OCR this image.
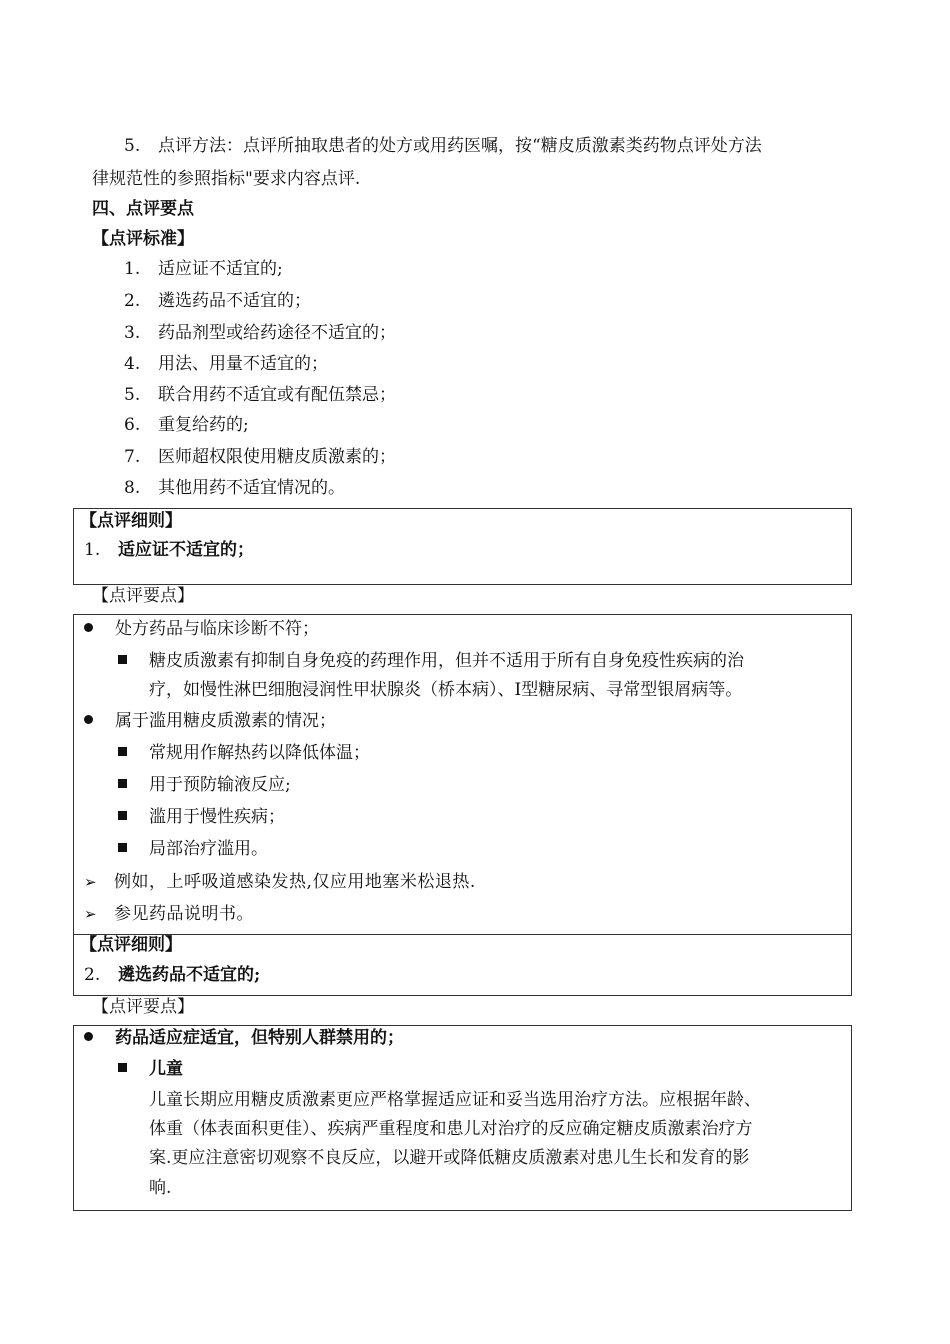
5. 点评方法：点评所抽取患者的处方或用药医嘱，按“糖皮质激素类药物点评处方法
律规范性的参照指标"要求内容点评.
四、点评要点
【点评标准】
1. 适应证不适宜的;
2. 遴选药品不适宜的；
3. 药品剂型或给药途径不适宜的；
4. 用法、用量不适宜的；
5. 联合用药不适宜或有配伍禁忌；
6. 重复给药的;
7. 医师超权限使用糖皮质激素的；
8. 其他用药不适宜情况的。
【点评细则】
1. 适应证不适宜的；
【点评要点】
处方药品与临床诊断不符；
糖皮质激素有抑制自身免疫的药理作用，但并不适用于所有自身免疫性疾病的治
疗，如慢性淋巴细胞浸润性甲状腺炎（桥本病）、I型糖尿病、寻常型银屑病等。
属于滥用糖皮质激素的情况；
常规用作解热药以降低体温；
用于预防输液反应;
滥用于慢性疾病；
局部治疗滥用。
➢ 例如，上呼吸道感染发热,仅应用地塞米松退热.
➢ 参见药品说明书。
【点评细则】
2. 遴选药品不适宜的;
【点评要点】
药品适应症适宜，但特别人群禁用的；
儿童
儿童长期应用糖皮质激素更应严格掌握适应证和妥当选用治疗方法。应根据年龄、
体重（体表面积更佳）、疾病严重程度和患儿对治疗的反应确定糖皮质激素治疗方
案.更应注意密切观察不良反应，以避开或降低糖皮质激素对患儿生长和发育的影
响.
